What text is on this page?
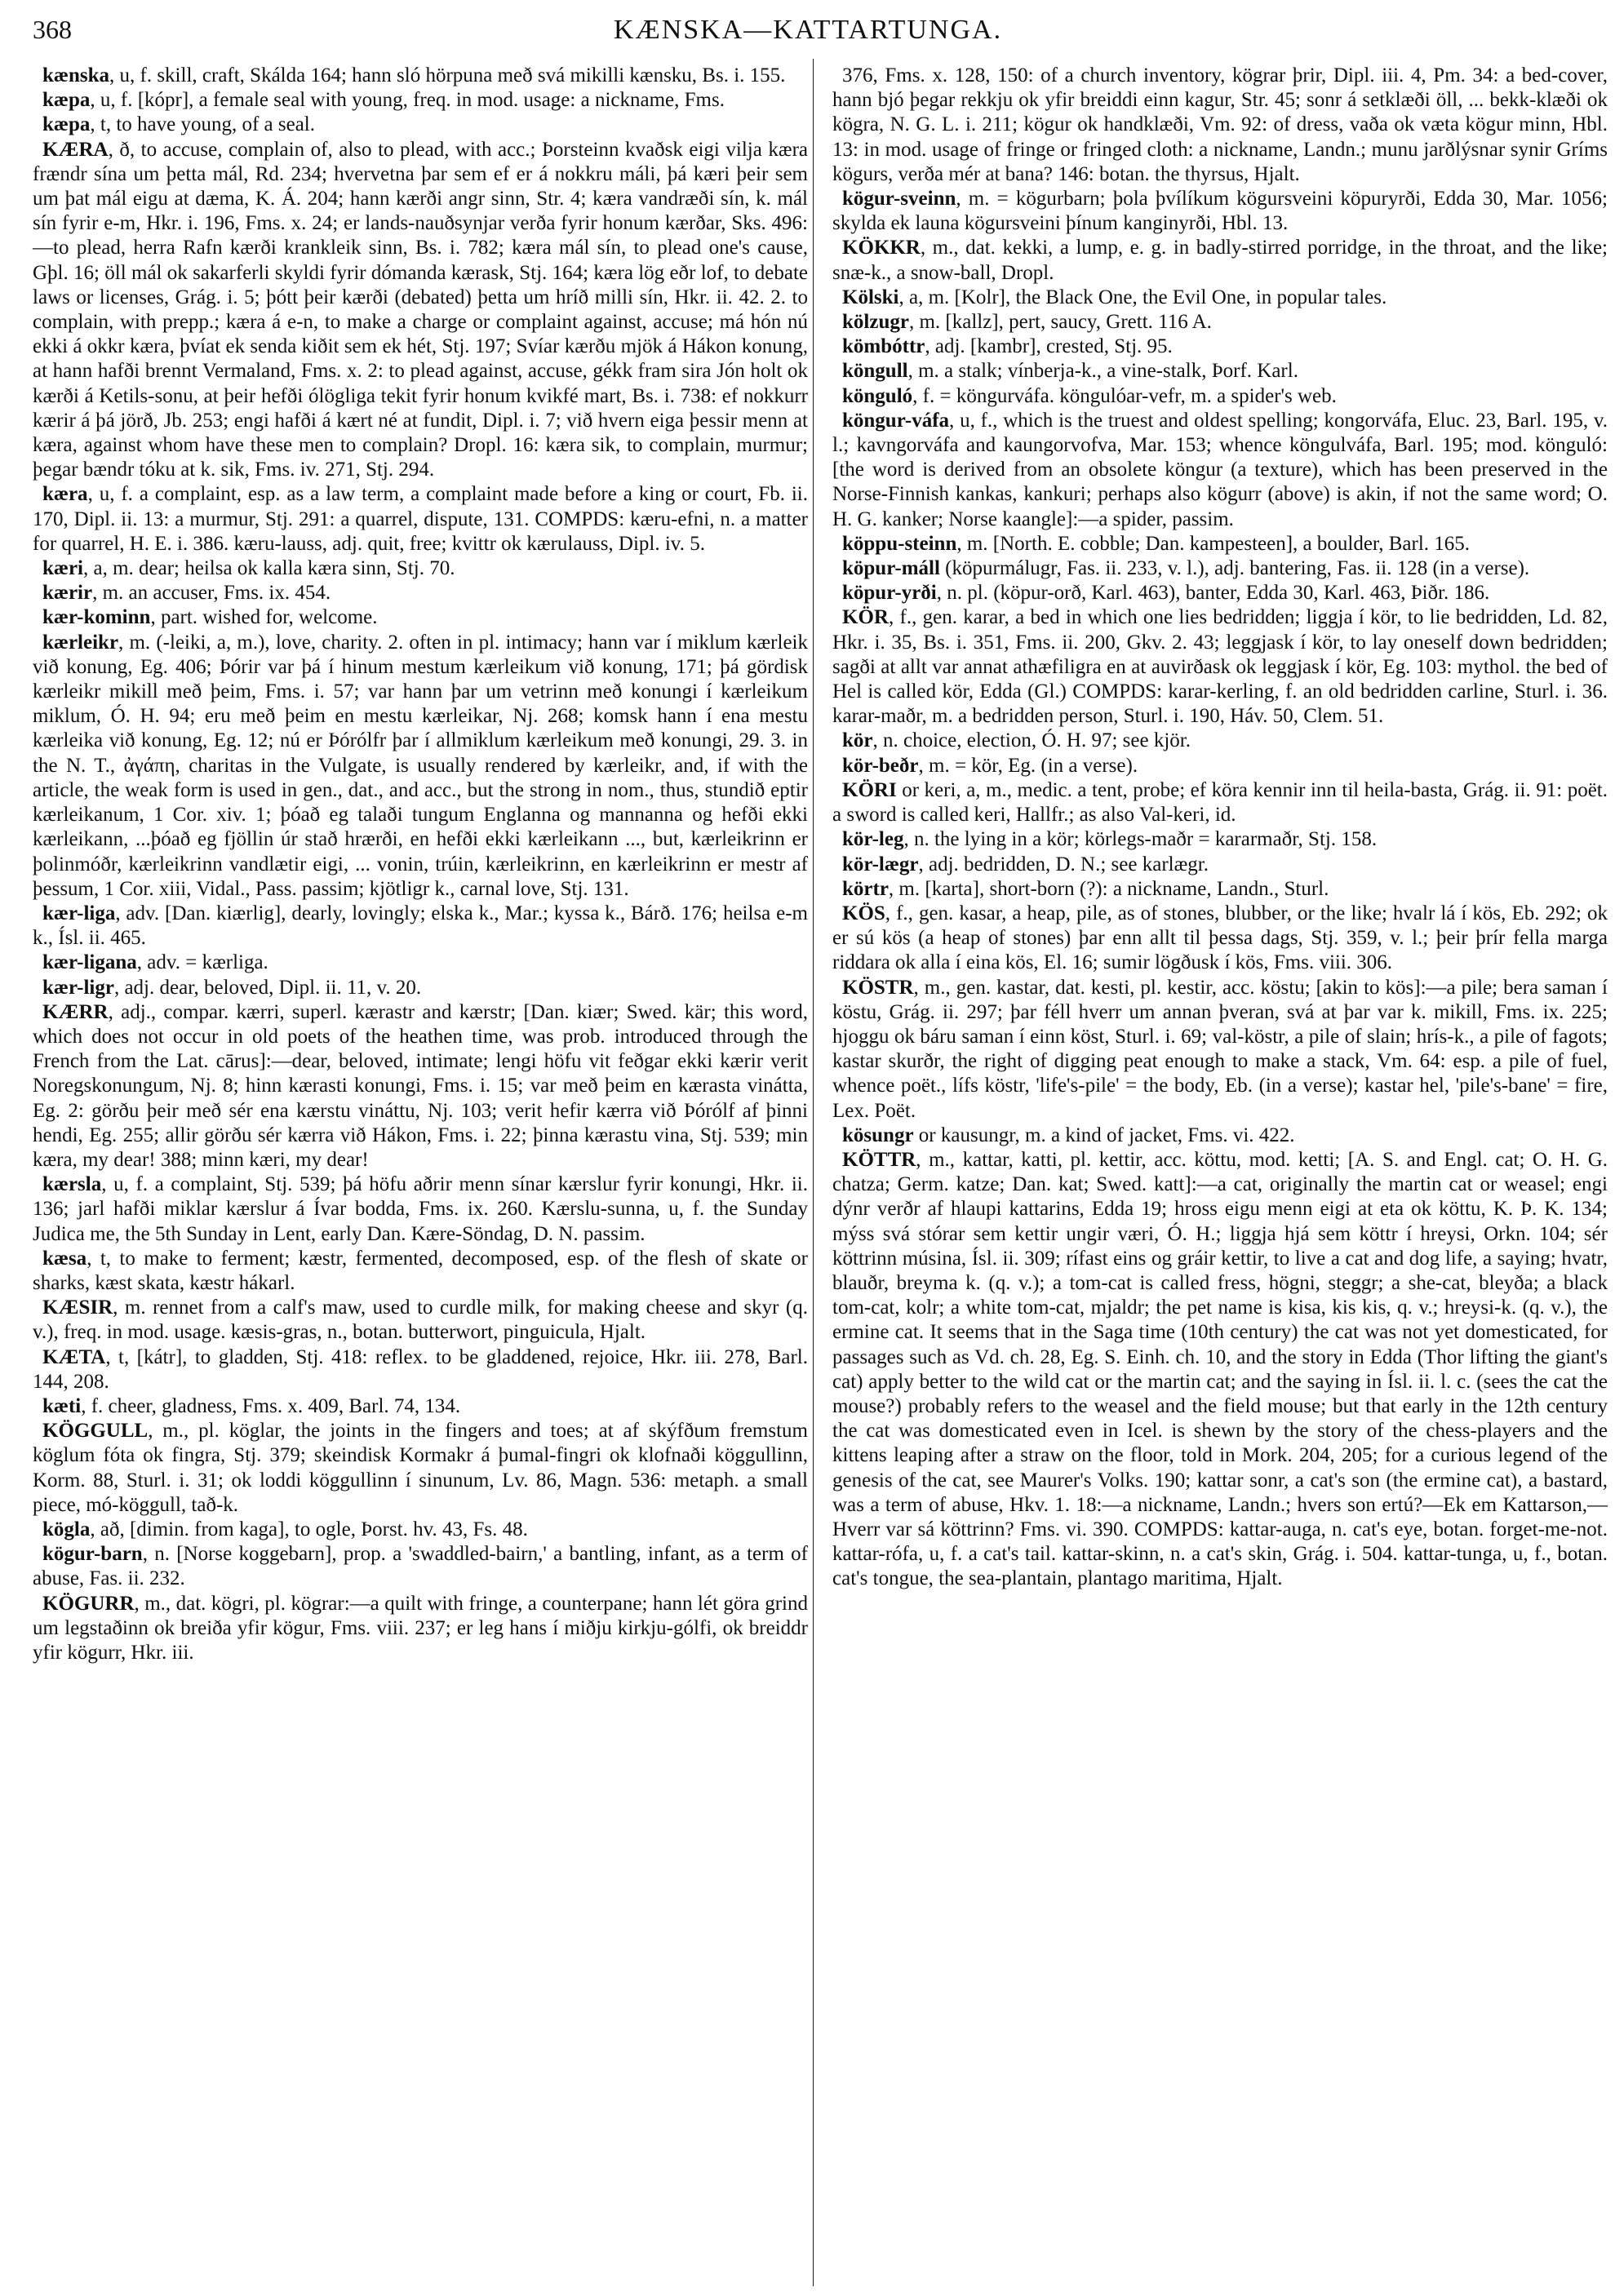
368	KÆNSKA—KATTARTUNGA.

kænska, u, f. skill, craft, Skálda 164; hann sló hörpuna með svá mikilli kænsku, Bs. i. 155.

kæpa, u, f. [kópr], a female seal with young, freq. in mod. usage: a nickname, Fms.

kæpa, t, to have young, of a seal.

KÆRA, ð, to accuse, complain of, also to plead, with acc.; Þorsteinn kvaðsk eigi vilja kæra frændr sína um þetta mál, Rd. 234; hvervetna þar sem ef er á nokkru máli, þá kæri þeir sem um þat mál eigu at dæma, K. Á. 204; hann kærði angr sinn, Str. 4; kæra vandræði sín, k. mál sín fyrir e-m, Hkr. i. 196, Fms. x. 24; er lands-nauðsynjar verða fyrir honum kærðar, Sks. 496:—to plead, herra Rafn kærði krankleik sinn, Bs. i. 782; kæra mál sín, to plead one's cause, Gþl. 16; öll mál ok sakarferli skyldi fyrir dómanda kærask, Stj. 164; kæra lög eðr lof, to debate laws or licenses, Grág. i. 5; þótt þeir kærði (debated) þetta um hríð milli sín, Hkr. ii. 42. 2. to complain, with prepp.; kæra á e-n, to make a charge or complaint against, accuse; má hón nú ekki á okkr kæra, þvíat ek senda kiðit sem ek hét, Stj. 197; Svíar kærðu mjök á Hákon konung, at hann hafði brennt Vermaland, Fms. x. 2: to plead against, accuse, gékk fram sira Jón holt ok kærði á Ketils-sonu, at þeir hefði ólögliga tekit fyrir honum kvikfé mart, Bs. i. 738: ef nokkurr kærir á þá jörð, Jb. 253; engi hafði á kært né at fundit, Dipl. i. 7; við hvern eiga þessir menn at kæra, against whom have these men to complain? Dropl. 16: kæra sik, to complain, murmur; þegar bændr tóku at k. sik, Fms. iv. 271, Stj. 294.

kæra, u, f. a complaint, esp. as a law term, a complaint made before a king or court, Fb. ii. 170, Dipl. ii. 13: a murmur, Stj. 291: a quarrel, dispute, 131. COMPDS: kæru-efni, n. a matter for quarrel, H. E. i. 386. kæru-lauss, adj. quit, free; kvittr ok kærulauss, Dipl. iv. 5.

kæri, a, m. dear; heilsa ok kalla kæra sinn, Stj. 70.

kærir, m. an accuser, Fms. ix. 454.

kær-kominn, part. wished for, welcome.

kærleikr, m. (-leiki, a, m.), love, charity. 2. often in pl. intimacy; hann var í miklum kærleik við konung, Eg. 406; Þórir var þá í hinum mestum kærleikum við konung, 171; þá gördisk kærleikr mikill með þeim, Fms. i. 57; var hann þar um vetrinn með konungi í kærleikum miklum, Ó. H. 94; eru með þeim en mestu kærleikar, Nj. 268; komsk hann í ena mestu kærleika við konung, Eg. 12; nú er Þórólfr þar í allmiklum kærleikum með konungi, 29. 3. in the N. T., ἀγάπη, charitas in the Vulgate, is usually rendered by kærleikr, and, if with the article, the weak form is used in gen., dat., and acc., but the strong in nom., thus, stundið eptir kærleikanum, 1 Cor. xiv. 1; þóað eg talaði tungum Englanna og mannanna og hefði ekki kærleikann, ...þóað eg fjöllin úr stað hrærði, en hefði ekki kærleikann ..., but, kærleikrinn er þolinmóðr, kærleikrinn vandlætir eigi, ... vonin, trúin, kærleikrinn, en kærleikrinn er mestr af þessum, 1 Cor. xiii, Vidal., Pass. passim; kjötligr k., carnal love, Stj. 131.

kær-liga, adv. [Dan. kiærlig], dearly, lovingly; elska k., Mar.; kyssa k., Bárð. 176; heilsa e-m k., Ísl. ii. 465.

kær-ligana, adv. = kærliga.

kær-ligr, adj. dear, beloved, Dipl. ii. 11, v. 20.

KÆRR, adj., compar. kærri, superl. kærastr and kærstr; [Dan. kiær; Swed. kär; this word, which does not occur in old poets of the heathen time, was prob. introduced through the French from the Lat. cārus]:—dear, beloved, intimate; lengi höfu vit feðgar ekki kærir verit Noregskonungum, Nj. 8; hinn kærasti konungi, Fms. i. 15; var með þeim en kærasta vinátta, Eg. 2: görðu þeir með sér ena kærstu vináttu, Nj. 103; verit hefir kærra við Þórólf af þinni hendi, Eg. 255; allir görðu sér kærra við Hákon, Fms. i. 22; þinna kærastu vina, Stj. 539; min kæra, my dear! 388; minn kæri, my dear!

kærsla, u, f. a complaint, Stj. 539; þá höfu aðrir menn sínar kærslur fyrir konungi, Hkr. ii. 136; jarl hafði miklar kærslur á Ívar bodda, Fms. ix. 260. Kærslu-sunna, u, f. the Sunday Judica me, the 5th Sunday in Lent, early Dan. Kære-Söndag, D. N. passim.

kæsa, t, to make to ferment; kæstr, fermented, decomposed, esp. of the flesh of skate or sharks, kæst skata, kæstr hákarl.

KÆSIR, m. rennet from a calf's maw, used to curdle milk, for making cheese and skyr (q. v.), freq. in mod. usage. kæsis-gras, n., botan. butterwort, pinguicula, Hjalt.

KÆTA, t, [kátr], to gladden, Stj. 418: reflex. to be gladdened, rejoice, Hkr. iii. 278, Barl. 144, 208.

kæti, f. cheer, gladness, Fms. x. 409, Barl. 74, 134.

KÖGGULL, m., pl. köglar, the joints in the fingers and toes; at af skýfðum fremstum köglum fóta ok fingra, Stj. 379; skeindisk Kormakr á þumal-fingri ok klofnaði köggullinn, Korm. 88, Sturl. i. 31; ok loddi köggullinn í sinunum, Lv. 86, Magn. 536: metaph. a small piece, mó-köggull, tað-k.

kögla, að, [dimin. from kaga], to ogle, Þorst. hv. 43, Fs. 48.

kögur-barn, n. [Norse koggebarn], prop. a 'swaddled-bairn,' a bantling, infant, as a term of abuse, Fas. ii. 232.

KÖGURR, m., dat. kögri, pl. kögrar:—a quilt with fringe, a counterpane; hann lét göra grind um legstaðinn ok breiða yfir kögur, Fms. viii. 237; er leg hans í miðju kirkju-gólfi, ok breiddr yfir kögurr, Hkr. iii.

376, Fms. x. 128, 150: of a church inventory, kögrar þrir, Dipl. iii. 4, Pm. 34: a bed-cover, hann bjó þegar rekkju ok yfir breiddi einn kagur, Str. 45; sonr á setklæði öll, ... bekk-klæði ok kögra, N. G. L. i. 211; kögur ok handklæði, Vm. 92: of dress, vaða ok væta kögur minn, Hbl. 13: in mod. usage of fringe or fringed cloth: a nickname, Landn.; munu jarðlýsnar synir Gríms kögurs, verða mér at bana? 146: botan. the thyrsus, Hjalt.

kögur-sveinn, m. = kögurbarn; þola þvílíkum kögursveini köpuryrði, Edda 30, Mar. 1056; skylda ek launa kögursveini þínum kanginyrði, Hbl. 13.

KÖKKR, m., dat. kekki, a lump, e. g. in badly-stirred porridge, in the throat, and the like; snæ-k., a snow-ball, Dropl.

Kölski, a, m. [Kolr], the Black One, the Evil One, in popular tales.

kölzugr, m. [kallz], pert, saucy, Grett. 116 A.

kömbóttr, adj. [kambr], crested, Stj. 95.

köngull, m. a stalk; vínberja-k., a vine-stalk, Þorf. Karl.

könguló, f. = köngurváfa. köngulóar-vefr, m. a spider's web.

köngur-váfa, u, f., which is the truest and oldest spelling; kongorváfa, Eluc. 23, Barl. 195, v. l.; kavngorváfa and kaungorvofva, Mar. 153; whence köngulváfa, Barl. 195; mod. könguló: [the word is derived from an obsolete köngur (a texture), which has been preserved in the Norse-Finnish kankas, kankuri; perhaps also kögurr (above) is akin, if not the same word; O. H. G. kanker; Norse kaangle]:—a spider, passim.

köppu-steinn, m. [North. E. cobble; Dan. kampesteen], a boulder, Barl. 165.

köpur-máll (köpurmálugr, Fas. ii. 233, v. l.), adj. bantering, Fas. ii. 128 (in a verse).

köpur-yrði, n. pl. (köpur-orð, Karl. 463), banter, Edda 30, Karl. 463, Þiðr. 186.

KÖR, f., gen. karar, a bed in which one lies bedridden; liggja í kör, to lie bedridden, Ld. 82, Hkr. i. 35, Bs. i. 351, Fms. ii. 200, Gkv. 2. 43; leggjask í kör, to lay oneself down bedridden; sagði at allt var annat athæfiligra en at auvirðask ok leggjask í kör, Eg. 103: mythol. the bed of Hel is called kör, Edda (Gl.) COMPDS: karar-kerling, f. an old bedridden carline, Sturl. i. 36. karar-maðr, m. a bedridden person, Sturl. i. 190, Háv. 50, Clem. 51.

kör, n. choice, election, Ó. H. 97; see kjör.

kör-beðr, m. = kör, Eg. (in a verse).

KÖRI or keri, a, m., medic. a tent, probe; ef köra kennir inn til heila-basta, Grág. ii. 91: poët. a sword is called keri, Hallfr.; as also Val-keri, id.

kör-leg, n. the lying in a kör; körlegs-maðr = kararmaðr, Stj. 158.

kör-lægr, adj. bedridden, D. N.; see karlægr.

körtr, m. [karta], short-born (?): a nickname, Landn., Sturl.

KÖS, f., gen. kasar, a heap, pile, as of stones, blubber, or the like; hvalr lá í kös, Eb. 292; ok er sú kös (a heap of stones) þar enn allt til þessa dags, Stj. 359, v. l.; þeir þrír fella marga riddara ok alla í eina kös, El. 16; sumir lögðusk í kös, Fms. viii. 306.

KÖSTR, m., gen. kastar, dat. kesti, pl. kestir, acc. köstu; [akin to kös]:—a pile; bera saman í köstu, Grág. ii. 297; þar féll hverr um annan þveran, svá at þar var k. mikill, Fms. ix. 225; hjoggu ok báru saman í einn köst, Sturl. i. 69; val-köstr, a pile of slain; hrís-k., a pile of fagots; kastar skurðr, the right of digging peat enough to make a stack, Vm. 64: esp. a pile of fuel, whence poët., lífs köstr, 'life's-pile' = the body, Eb. (in a verse); kastar hel, 'pile's-bane' = fire, Lex. Poët.

kösungr or kausungr, m. a kind of jacket, Fms. vi. 422.

KÖTTR, m., kattar, katti, pl. kettir, acc. köttu, mod. ketti; [A. S. and Engl. cat; O. H. G. chatza; Germ. katze; Dan. kat; Swed. katt]:—a cat, originally the martin cat or weasel; engi dýnr verðr af hlaupi kattarins, Edda 19; hross eigu menn eigi at eta ok köttu, K. Þ. K. 134; mýss svá stórar sem kettir ungir væri, Ó. H.; liggja hjá sem köttr í hreysi, Orkn. 104; sér köttrinn músina, Ísl. ii. 309; rífast eins og gráir kettir, to live a cat and dog life, a saying; hvatr, blauðr, breyma k. (q. v.); a tom-cat is called fress, högni, steggr; a she-cat, bleyða; a black tom-cat, kolr; a white tom-cat, mjaldr; the pet name is kisa, kis kis, q. v.; hreysi-k. (q. v.), the ermine cat. It seems that in the Saga time (10th century) the cat was not yet domesticated, for passages such as Vd. ch. 28, Eg. S. Einh. ch. 10, and the story in Edda (Thor lifting the giant's cat) apply better to the wild cat or the martin cat; and the saying in Ísl. ii. l. c. (sees the cat the mouse?) probably refers to the weasel and the field mouse; but that early in the 12th century the cat was domesticated even in Icel. is shewn by the story of the chess-players and the kittens leaping after a straw on the floor, told in Mork. 204, 205; for a curious legend of the genesis of the cat, see Maurer's Volks. 190; kattar sonr, a cat's son (the ermine cat), a bastard, was a term of abuse, Hkv. 1. 18:—a nickname, Landn.; hvers son ertú?—Ek em Kattarson,—Hverr var sá köttrinn? Fms. vi. 390. COMPDS: kattar-auga, n. cat's eye, botan. forget-me-not. kattar-rófa, u, f. a cat's tail. kattar-skinn, n. a cat's skin, Grág. i. 504. kattar-tunga, u, f., botan. cat's tongue, the sea-plantain, plantago maritima, Hjalt.
